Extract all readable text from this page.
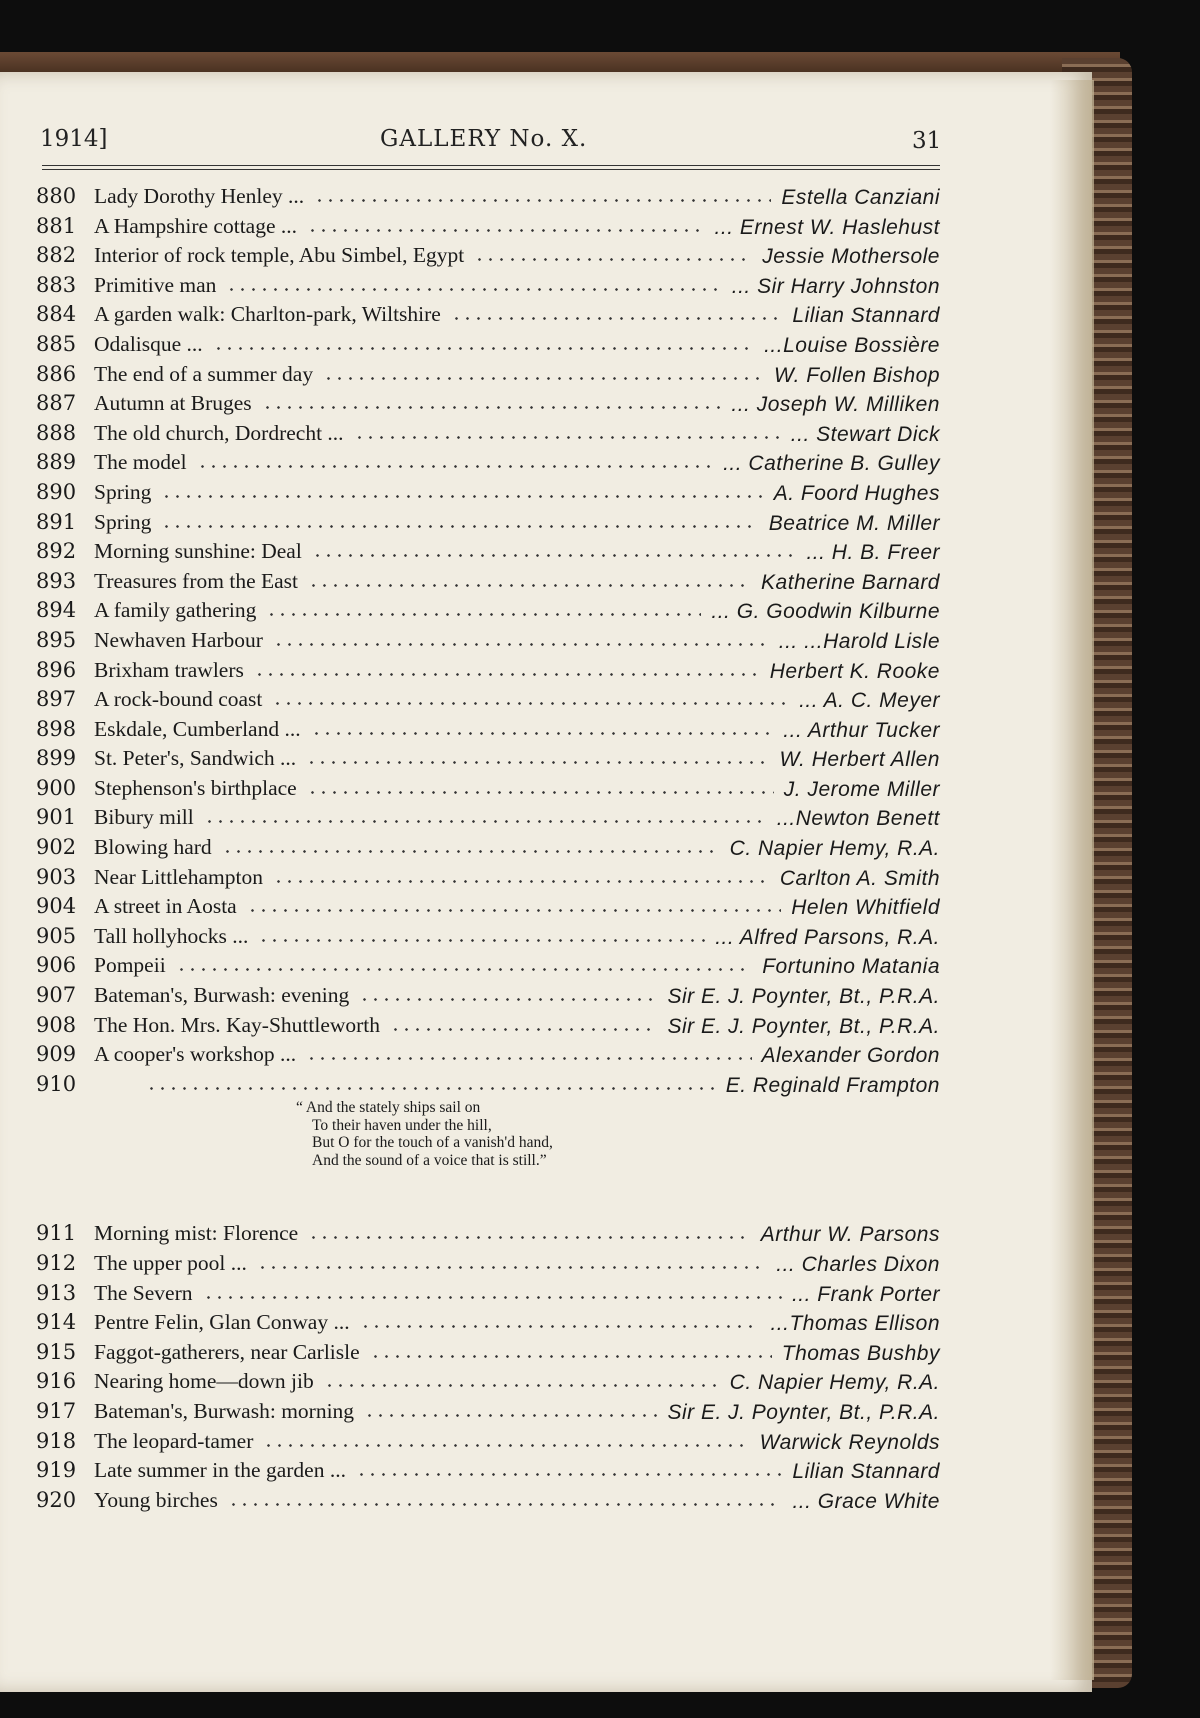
1914]	GALLERY No. X.	31
880 Lady Dorothy Henley ...	Estella Canziani
881 A Hampshire cottage ...	... Ernest W. Haslehust
882 Interior of rock temple, Abu Simbel, Egypt	Jessie Mothersole
883 Primitive man	... Sir Harry Johnston
884 A garden walk: Charlton-park, Wiltshire	Lilian Stannard
885 Odalisque ...	...Louise Bossière
886 The end of a summer day	W. Follen Bishop
887 Autumn at Bruges	... Joseph W. Milliken
888 The old church, Dordrecht ...	... Stewart Dick
889 The model	... Catherine B. Gulley
890 Spring	A. Foord Hughes
891 Spring	Beatrice M. Miller
892 Morning sunshine: Deal	... H. B. Freer
893 Treasures from the East	Katherine Barnard
894 A family gathering	... G. Goodwin Kilburne
895 Newhaven Harbour	... ...Harold Lisle
896 Brixham trawlers	Herbert K. Rooke
897 A rock-bound coast	... A. C. Meyer
898 Eskdale, Cumberland ...	... Arthur Tucker
899 St. Peter's, Sandwich ...	W. Herbert Allen
900 Stephenson's birthplace	J. Jerome Miller
901 Bibury mill	...Newton Benett
902 Blowing hard	C. Napier Hemy, R.A.
903 Near Littlehampton	Carlton A. Smith
904 A street in Aosta	Helen Whitfield
905 Tall hollyhocks ...	... Alfred Parsons, R.A.
906 Pompeii	Fortunino Matania
907 Bateman's, Burwash: evening	Sir E. J. Poynter, Bt., P.R.A.
908 The Hon. Mrs. Kay-Shuttleworth	Sir E. J. Poynter, Bt., P.R.A.
909 A cooper's workshop ...	Alexander Gordon
910	E. Reginald Frampton
“ And the stately ships sail on
To their haven under the hill,
But O for the touch of a vanish'd hand,
And the sound of a voice that is still.”
911 Morning mist: Florence	Arthur W. Parsons
912 The upper pool ...	... Charles Dixon
913 The Severn	... Frank Porter
914 Pentre Felin, Glan Conway ...	...Thomas Ellison
915 Faggot-gatherers, near Carlisle	Thomas Bushby
916 Nearing home—down jib	C. Napier Hemy, R.A.
917 Bateman's, Burwash: morning	Sir E. J. Poynter, Bt., P.R.A.
918 The leopard-tamer	Warwick Reynolds
919 Late summer in the garden ...	Lilian Stannard
920 Young birches	... Grace White
